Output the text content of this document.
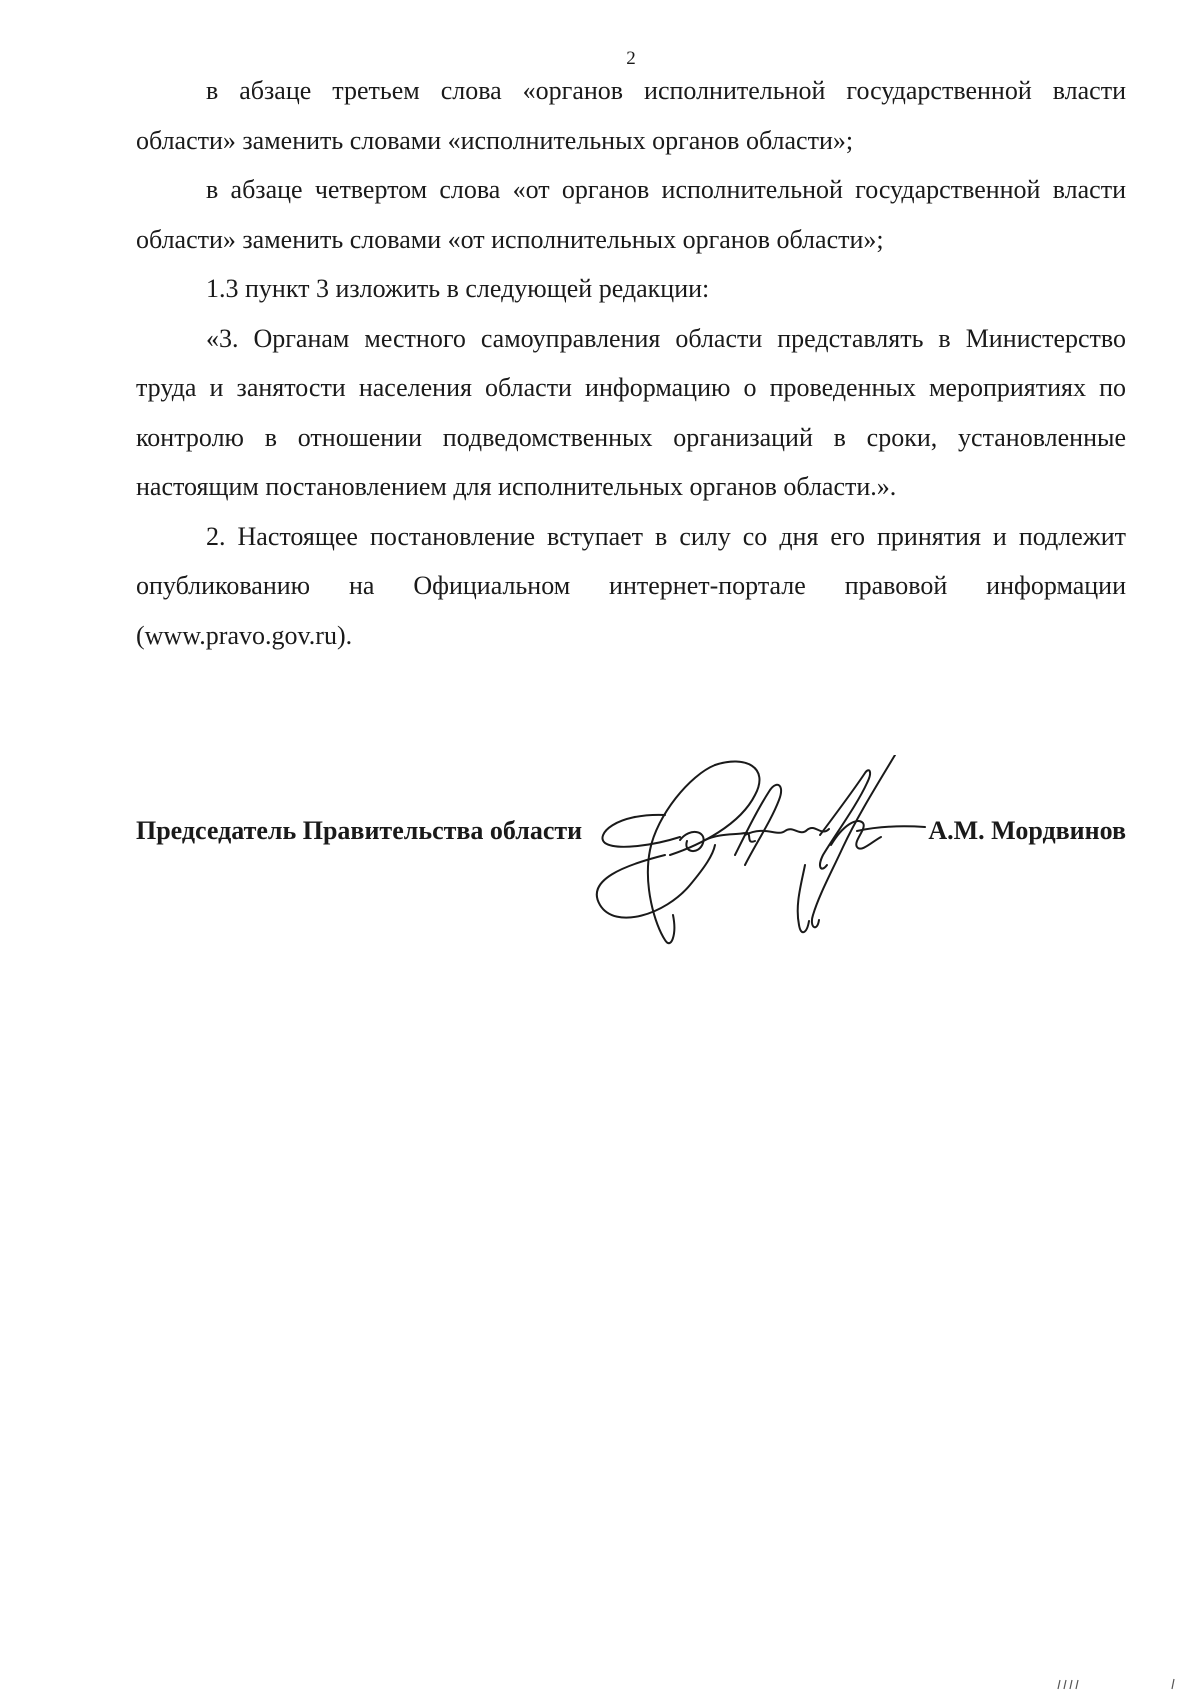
2

в абзаце третьем слова «органов исполнительной государственной власти области» заменить словами «исполнительных органов области»;

в абзаце четвертом слова «от органов исполнительной государственной власти области» заменить словами «от исполнительных органов области»;

1.3 пункт 3 изложить в следующей редакции:

«3. Органам местного самоуправления области представлять в Министерство труда и занятости населения области информацию о проведенных мероприятиях по контролю в отношении подведомственных организаций в сроки, установленные настоящим постановлением для исполнительных органов области.».

2. Настоящее постановление вступает в силу со дня его принятия и подлежит опубликованию на Официальном интернет-портале правовой информации (www.pravo.gov.ru).

Председатель Правительства области	А.М. Мордвинов
